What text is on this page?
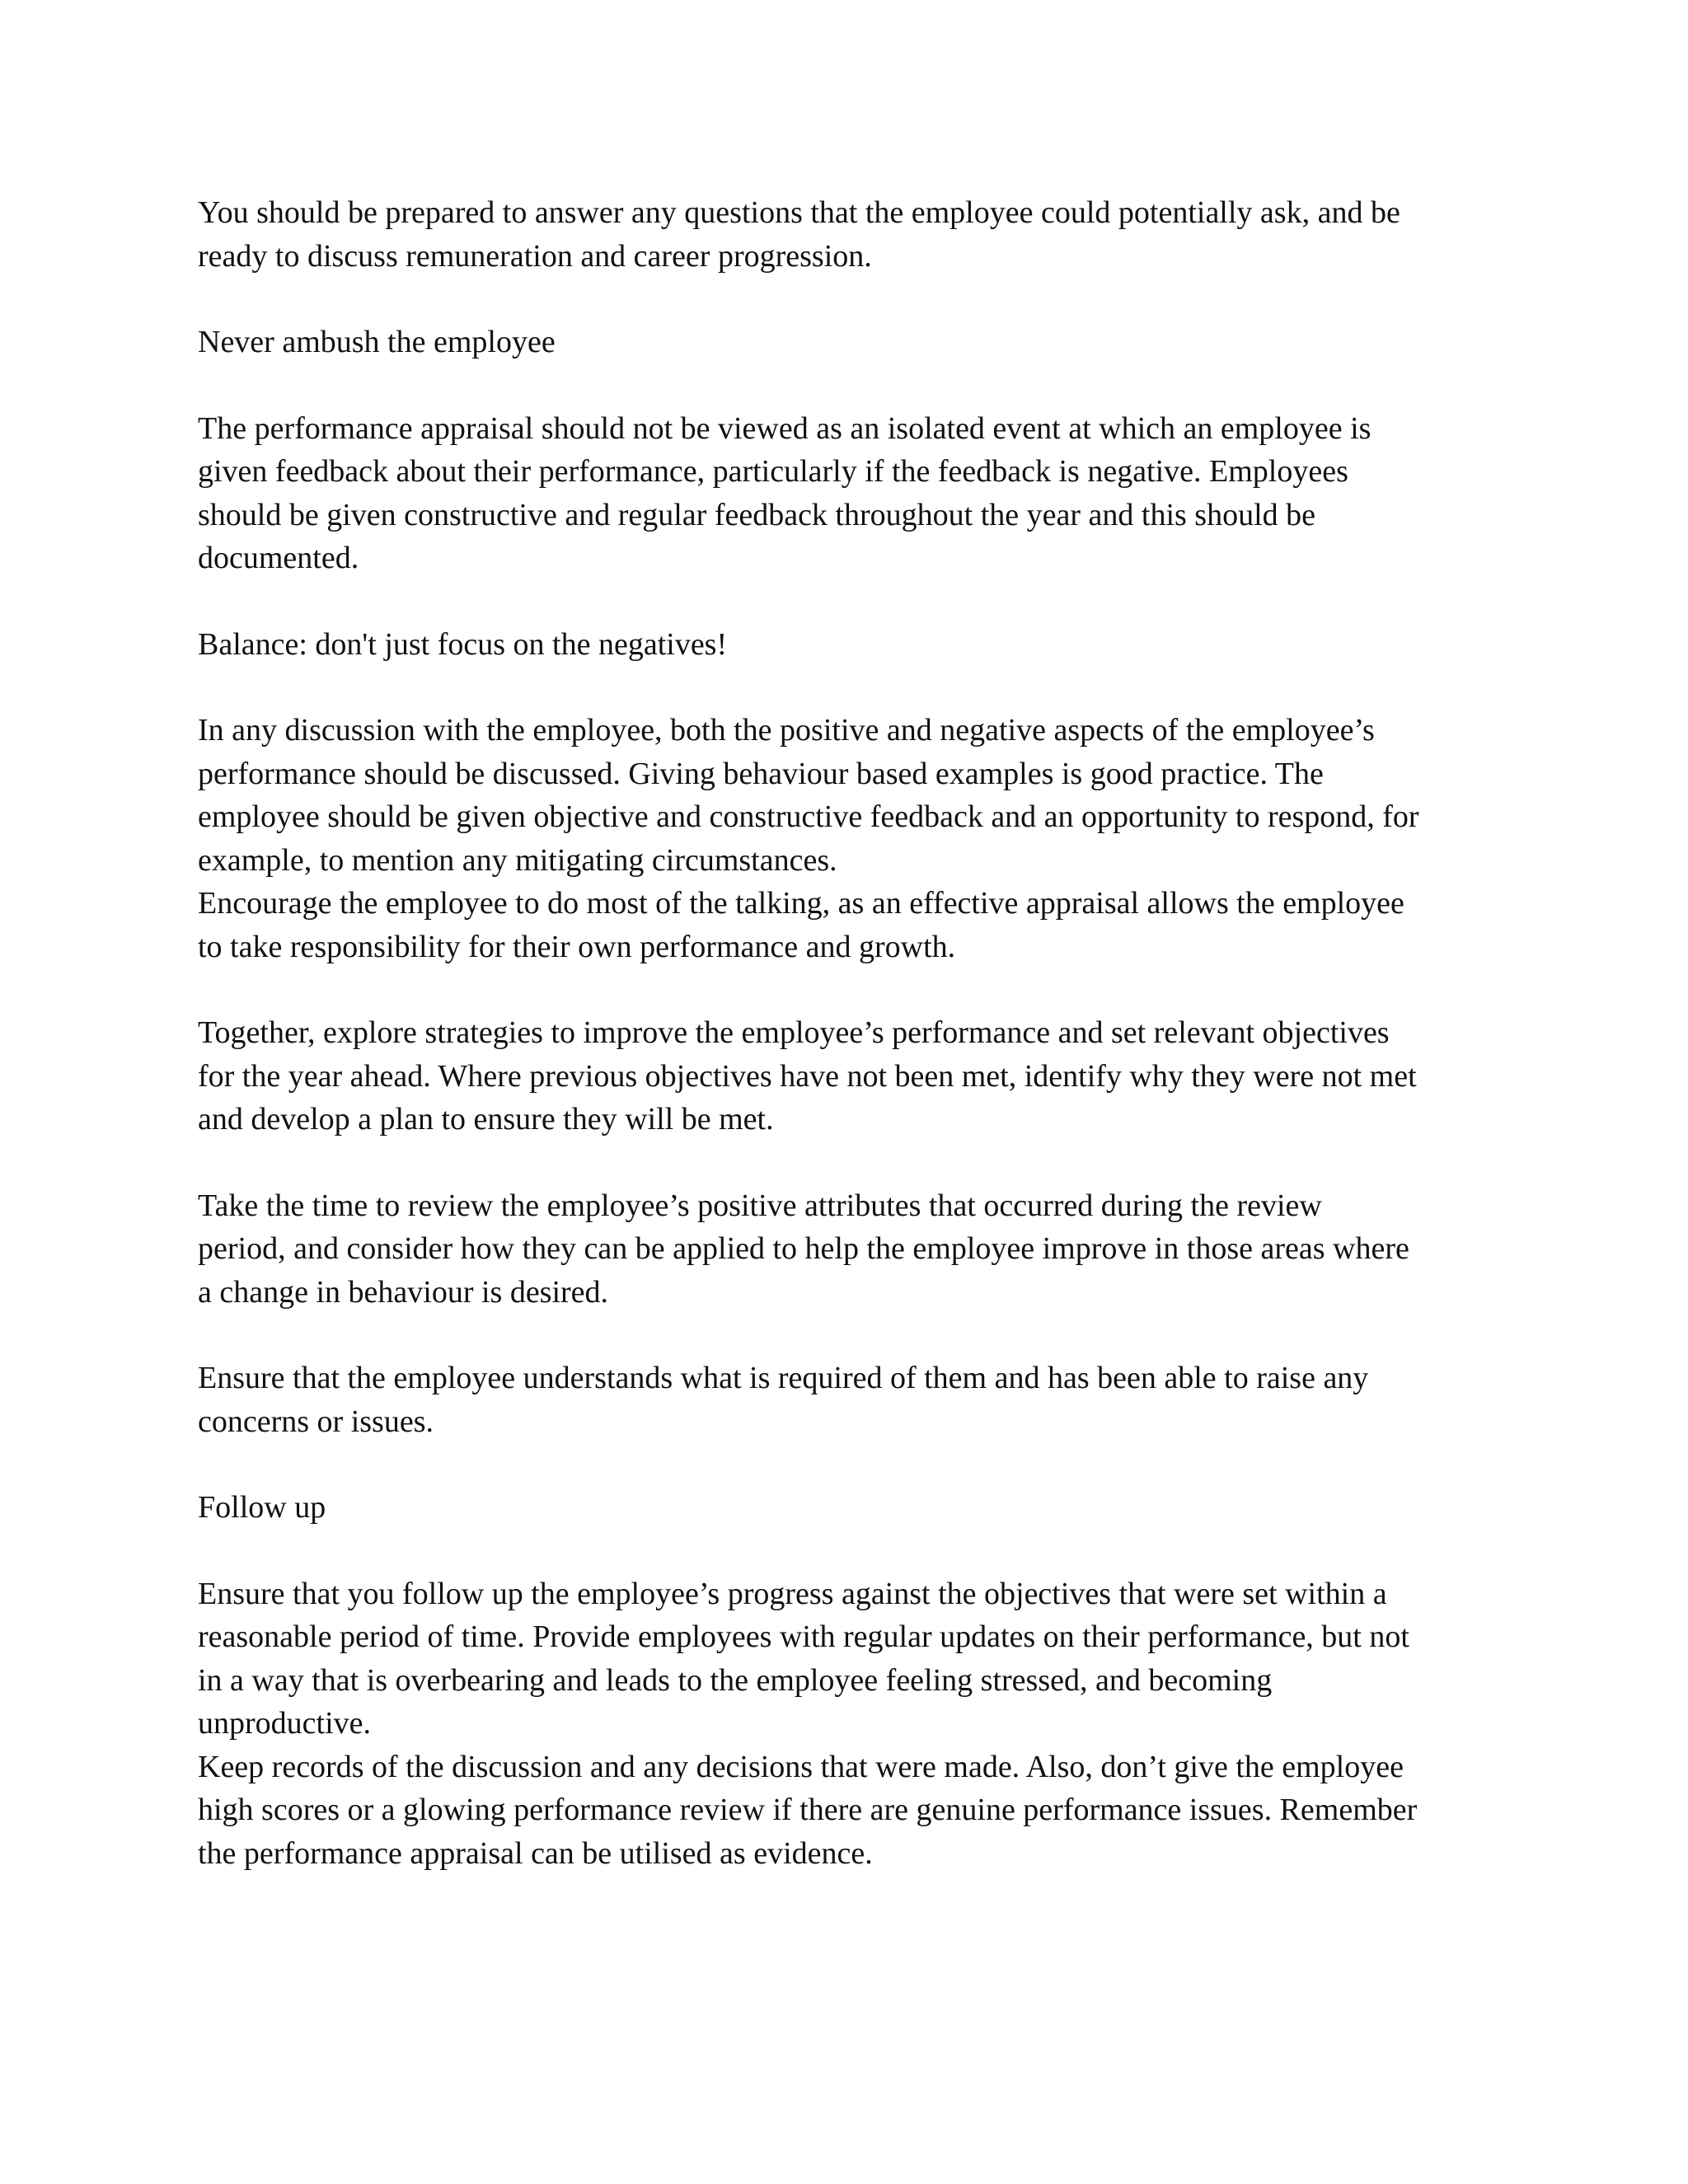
You should be prepared to answer any questions that the employee could potentially ask, and be
ready to discuss remuneration and career progression.

Never ambush the employee

The performance appraisal should not be viewed as an isolated event at which an employee is
given feedback about their performance, particularly if the feedback is negative. Employees
should be given constructive and regular feedback throughout the year and this should be
documented.

Balance: don't just focus on the negatives!

In any discussion with the employee, both the positive and negative aspects of the employee’s
performance should be discussed. Giving behaviour based examples is good practice. The
employee should be given objective and constructive feedback and an opportunity to respond, for
example, to mention any mitigating circumstances.

Encourage the employee to do most of the talking, as an effective appraisal allows the employee
to take responsibility for their own performance and growth.

Together, explore strategies to improve the employee’s performance and set relevant objectives
for the year ahead. Where previous objectives have not been met, identify why they were not met
and develop a plan to ensure they will be met.

Take the time to review the employee’s positive attributes that occurred during the review
period, and consider how they can be applied to help the employee improve in those areas where
a change in behaviour is desired.

Ensure that the employee understands what is required of them and has been able to raise any
concerns or issues.

Follow up

Ensure that you follow up the employee’s progress against the objectives that were set within a
reasonable period of time. Provide employees with regular updates on their performance, but not
in a way that is overbearing and leads to the employee feeling stressed, and becoming
unproductive.

Keep records of the discussion and any decisions that were made. Also, don’t give the employee
high scores or a glowing performance review if there are genuine performance issues. Remember
the performance appraisal can be utilised as evidence.
